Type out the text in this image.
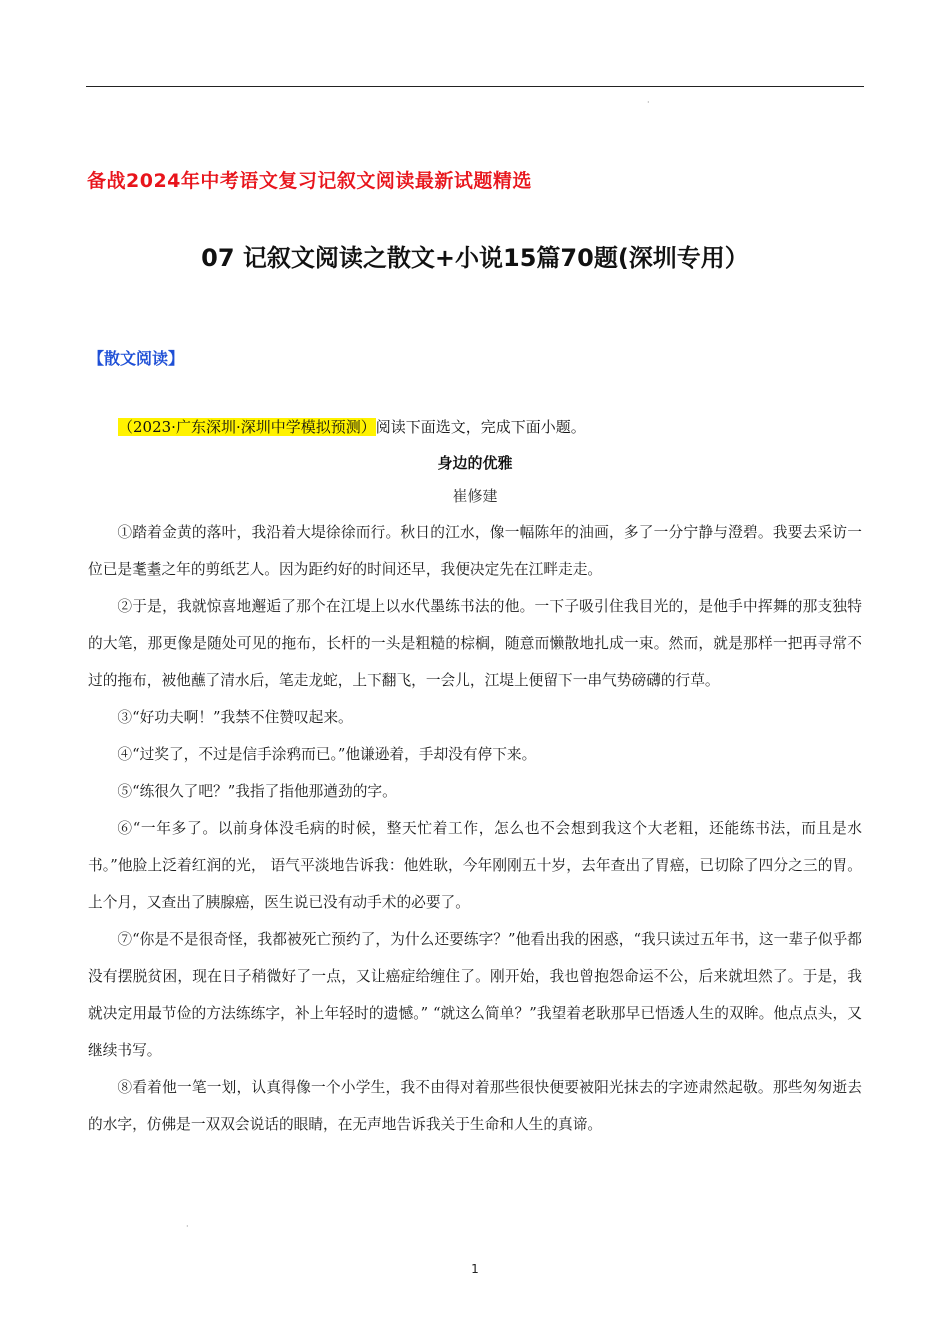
·
备战2024年中考语文复习记叙文阅读最新试题精选
07 记叙文阅读之散文+小说15篇70题(深圳专用）
【散文阅读】
（2023·广东深圳·深圳中学模拟预测）阅读下面选文，完成下面小题。
身边的优雅
崔修建

①踏着金黄的落叶，我沿着大堤徐徐而行。秋日的江水，像一幅陈年的油画，多了一分宁静与澄碧。我要去采访一位已是耄耋之年的剪纸艺人。因为距约好的时间还早，我便决定先在江畔走走。

②于是，我就惊喜地邂逅了那个在江堤上以水代墨练书法的他。一下子吸引住我目光的，是他手中挥舞的那支独特的大笔，那更像是随处可见的拖布，长杆的一头是粗糙的棕榈，随意而懒散地扎成一束。然而，就是那样一把再寻常不过的拖布，被他蘸了清水后，笔走龙蛇，上下翻飞，一会儿，江堤上便留下一串气势磅礴的行草。

③“好功夫啊！”我禁不住赞叹起来。

④“过奖了，不过是信手涂鸦而已。”他谦逊着，手却没有停下来。

⑤“练很久了吧？”我指了指他那遒劲的字。

⑥“一年多了。以前身体没毛病的时候，整天忙着工作，怎么也不会想到我这个大老粗，还能练书法，而且是水书。”他脸上泛着红润的光， 语气平淡地告诉我：他姓耿，今年刚刚五十岁，去年查出了胃癌，已切除了四分之三的胃。上个月，又查出了胰腺癌，医生说已没有动手术的必要了。

⑦“你是不是很奇怪，我都被死亡预约了，为什么还要练字？”他看出我的困惑，“我只读过五年书，这一辈子似乎都没有摆脱贫困，现在日子稍微好了一点，又让癌症给缠住了。刚开始，我也曾抱怨命运不公，后来就坦然了。于是，我就决定用最节俭的方法练练字，补上年轻时的遗憾。” “就这么简单？”我望着老耿那早已悟透人生的双眸。他点点头，又继续书写。

⑧看着他一笔一划，认真得像一个小学生，我不由得对着那些很快便要被阳光抹去的字迹肃然起敬。那些匆匆逝去的水字，仿佛是一双双会说话的眼睛，在无声地告诉我关于生命和人生的真谛。

·
1
